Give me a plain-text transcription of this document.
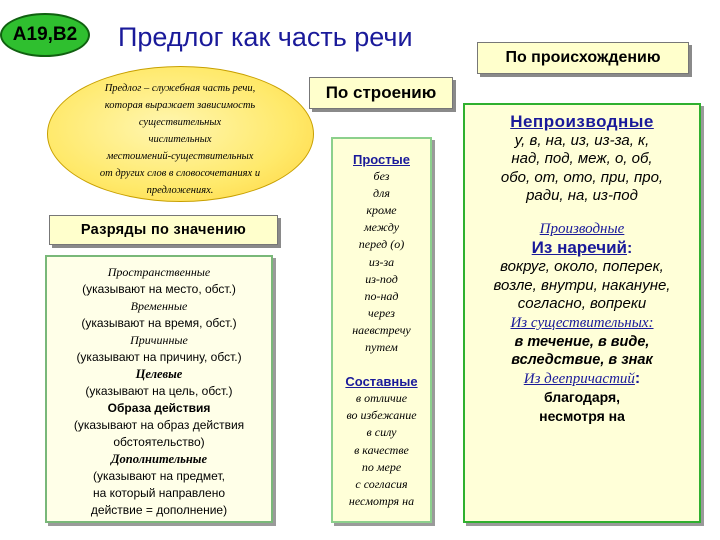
А19,В2 Предлог как часть речи
По происхождению
По строению
Предлог – служебная часть речи,
которая выражает зависимость
существительных
числительных
местоимений-существительных
от других слов в словосочетаниях и
предложениях.
Разряды по значению
Пространственные
(указывают на место, обст.)
Временные
(указывают на время, обст.)
Причинные
(указывают на причину, обст.)
Целевые
(указывают на цель, обст.)
Образа действия
(указывают на образ действия
обстоятельство)
Дополнительные
(указывают на предмет,
на который направлено
действие = дополнение)
Простые
без
для
кроме
между
перед (о)
из-за
из-под
по-над
через
наевстречу
путем
Составные
в отличие
во избежание
в силу
в качестве
по мере
с согласия
несмотря на
Непроизводные
у, в, на, из, из-за, к,
над, под, меж, о, об,
обо, от, ото, при, про,
ради, на, из-под
Производные
Из наречий:
вокруг, около, поперек,
возле, внутри, накануне,
согласно, вопреки
Из существительных:
в течение, в виде,
вследствие, в знак
Из деепричастий:
благодаря,
несмотря на
